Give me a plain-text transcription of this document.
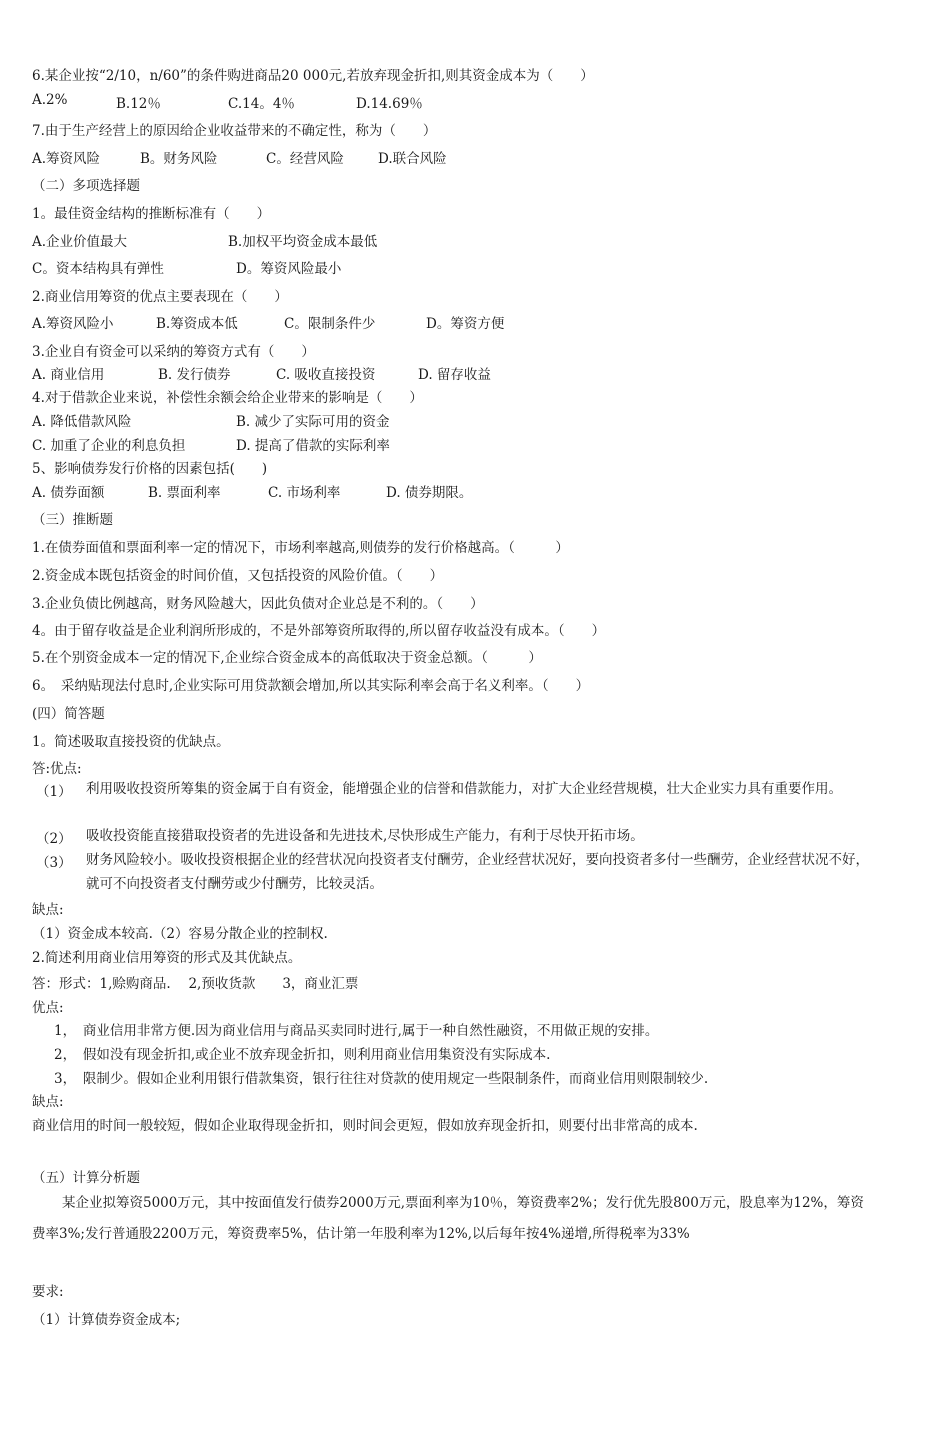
6.某企业按“2/10，n/60”的条件购进商品20 000元,若放弃现金折扣,则其资金成本为（　　）
A.2%	B.12％	C.14。4％	D.14.69％
7.由于生产经营上的原因给企业收益带来的不确定性，称为（　　）
A.筹资风险	B。财务风险	C。经营风险	D.联合风险
（二）多项选择题
1。最佳资金结构的推断标准有（　　）
A.企业价值最大	B.加权平均资金成本最低
C。资本结构具有弹性	D。筹资风险最小
2.商业信用筹资的优点主要表现在（　　）
A.筹资风险小	B.筹资成本低	C。限制条件少	D。筹资方便
3.企业自有资金可以采纳的筹资方式有（　　）
A. 商业信用	B. 发行债券	C. 吸收直接投资	D. 留存收益
4.对于借款企业来说，补偿性余额会给企业带来的影响是（　　）
A. 降低借款风险	B. 减少了实际可用的资金
C. 加重了企业的利息负担	D. 提高了借款的实际利率
5、影响债券发行价格的因素包括(　　)
A. 债券面额	B. 票面利率	C. 市场利率	D. 债券期限。
（三）推断题
1.在债券面值和票面利率一定的情况下，市场利率越高,则债券的发行价格越高。（　　　）
2.资金成本既包括资金的时间价值，又包括投资的风险价值。（　　）
3.企业负债比例越高，财务风险越大，因此负债对企业总是不利的。（　　）
4。由于留存收益是企业利润所形成的，不是外部筹资所取得的,所以留存收益没有成本。（　　）
5.在个别资金成本一定的情况下,企业综合资金成本的高低取决于资金总额。（　　　）
6。　采纳贴现法付息时,企业实际可用贷款额会增加,所以其实际利率会高于名义利率。（　　）
(四）简答题
1。简述吸取直接投资的优缺点。
答:优点:
（1） 利用吸收投资所筹集的资金属于自有资金，能增强企业的信誉和借款能力，对扩大企业经营规模，壮大企业实力具有重要作用。
（2） 吸收投资能直接猎取投资者的先进设备和先进技术,尽快形成生产能力，有利于尽快开拓市场。
（3） 财务风险较小。吸收投资根据企业的经营状况向投资者支付酬劳，企业经营状况好，要向投资者多付一些酬劳，企业经营状况不好，就可不向投资者支付酬劳或少付酬劳，比较灵活。
缺点:
（1）资金成本较高.（2）容易分散企业的控制权.
2.简述利用商业信用筹资的形式及其优缺点。
答：形式：1,赊购商品.　 2,预收货款　　3，商业汇票
优点:
1，　商业信用非常方便.因为商业信用与商品买卖同时进行,属于一种自然性融资，不用做正规的安排。
2，　假如没有现金折扣,或企业不放弃现金折扣，则利用商业信用集资没有实际成本.
3，　限制少。假如企业利用银行借款集资，银行往往对贷款的使用规定一些限制条件，而商业信用则限制较少.
缺点:
商业信用的时间一般较短，假如企业取得现金折扣，则时间会更短，假如放弃现金折扣，则要付出非常高的成本.
（五）计算分析题
某企业拟筹资5000万元，其中按面值发行债券2000万元,票面利率为10％，筹资费率2%；发行优先股800万元，股息率为12%，筹资费率3%;发行普通股2200万元，筹资费率5%，估计第一年股利率为12%,以后每年按4%递增,所得税率为33%
要求:
（1）计算债券资金成本;
